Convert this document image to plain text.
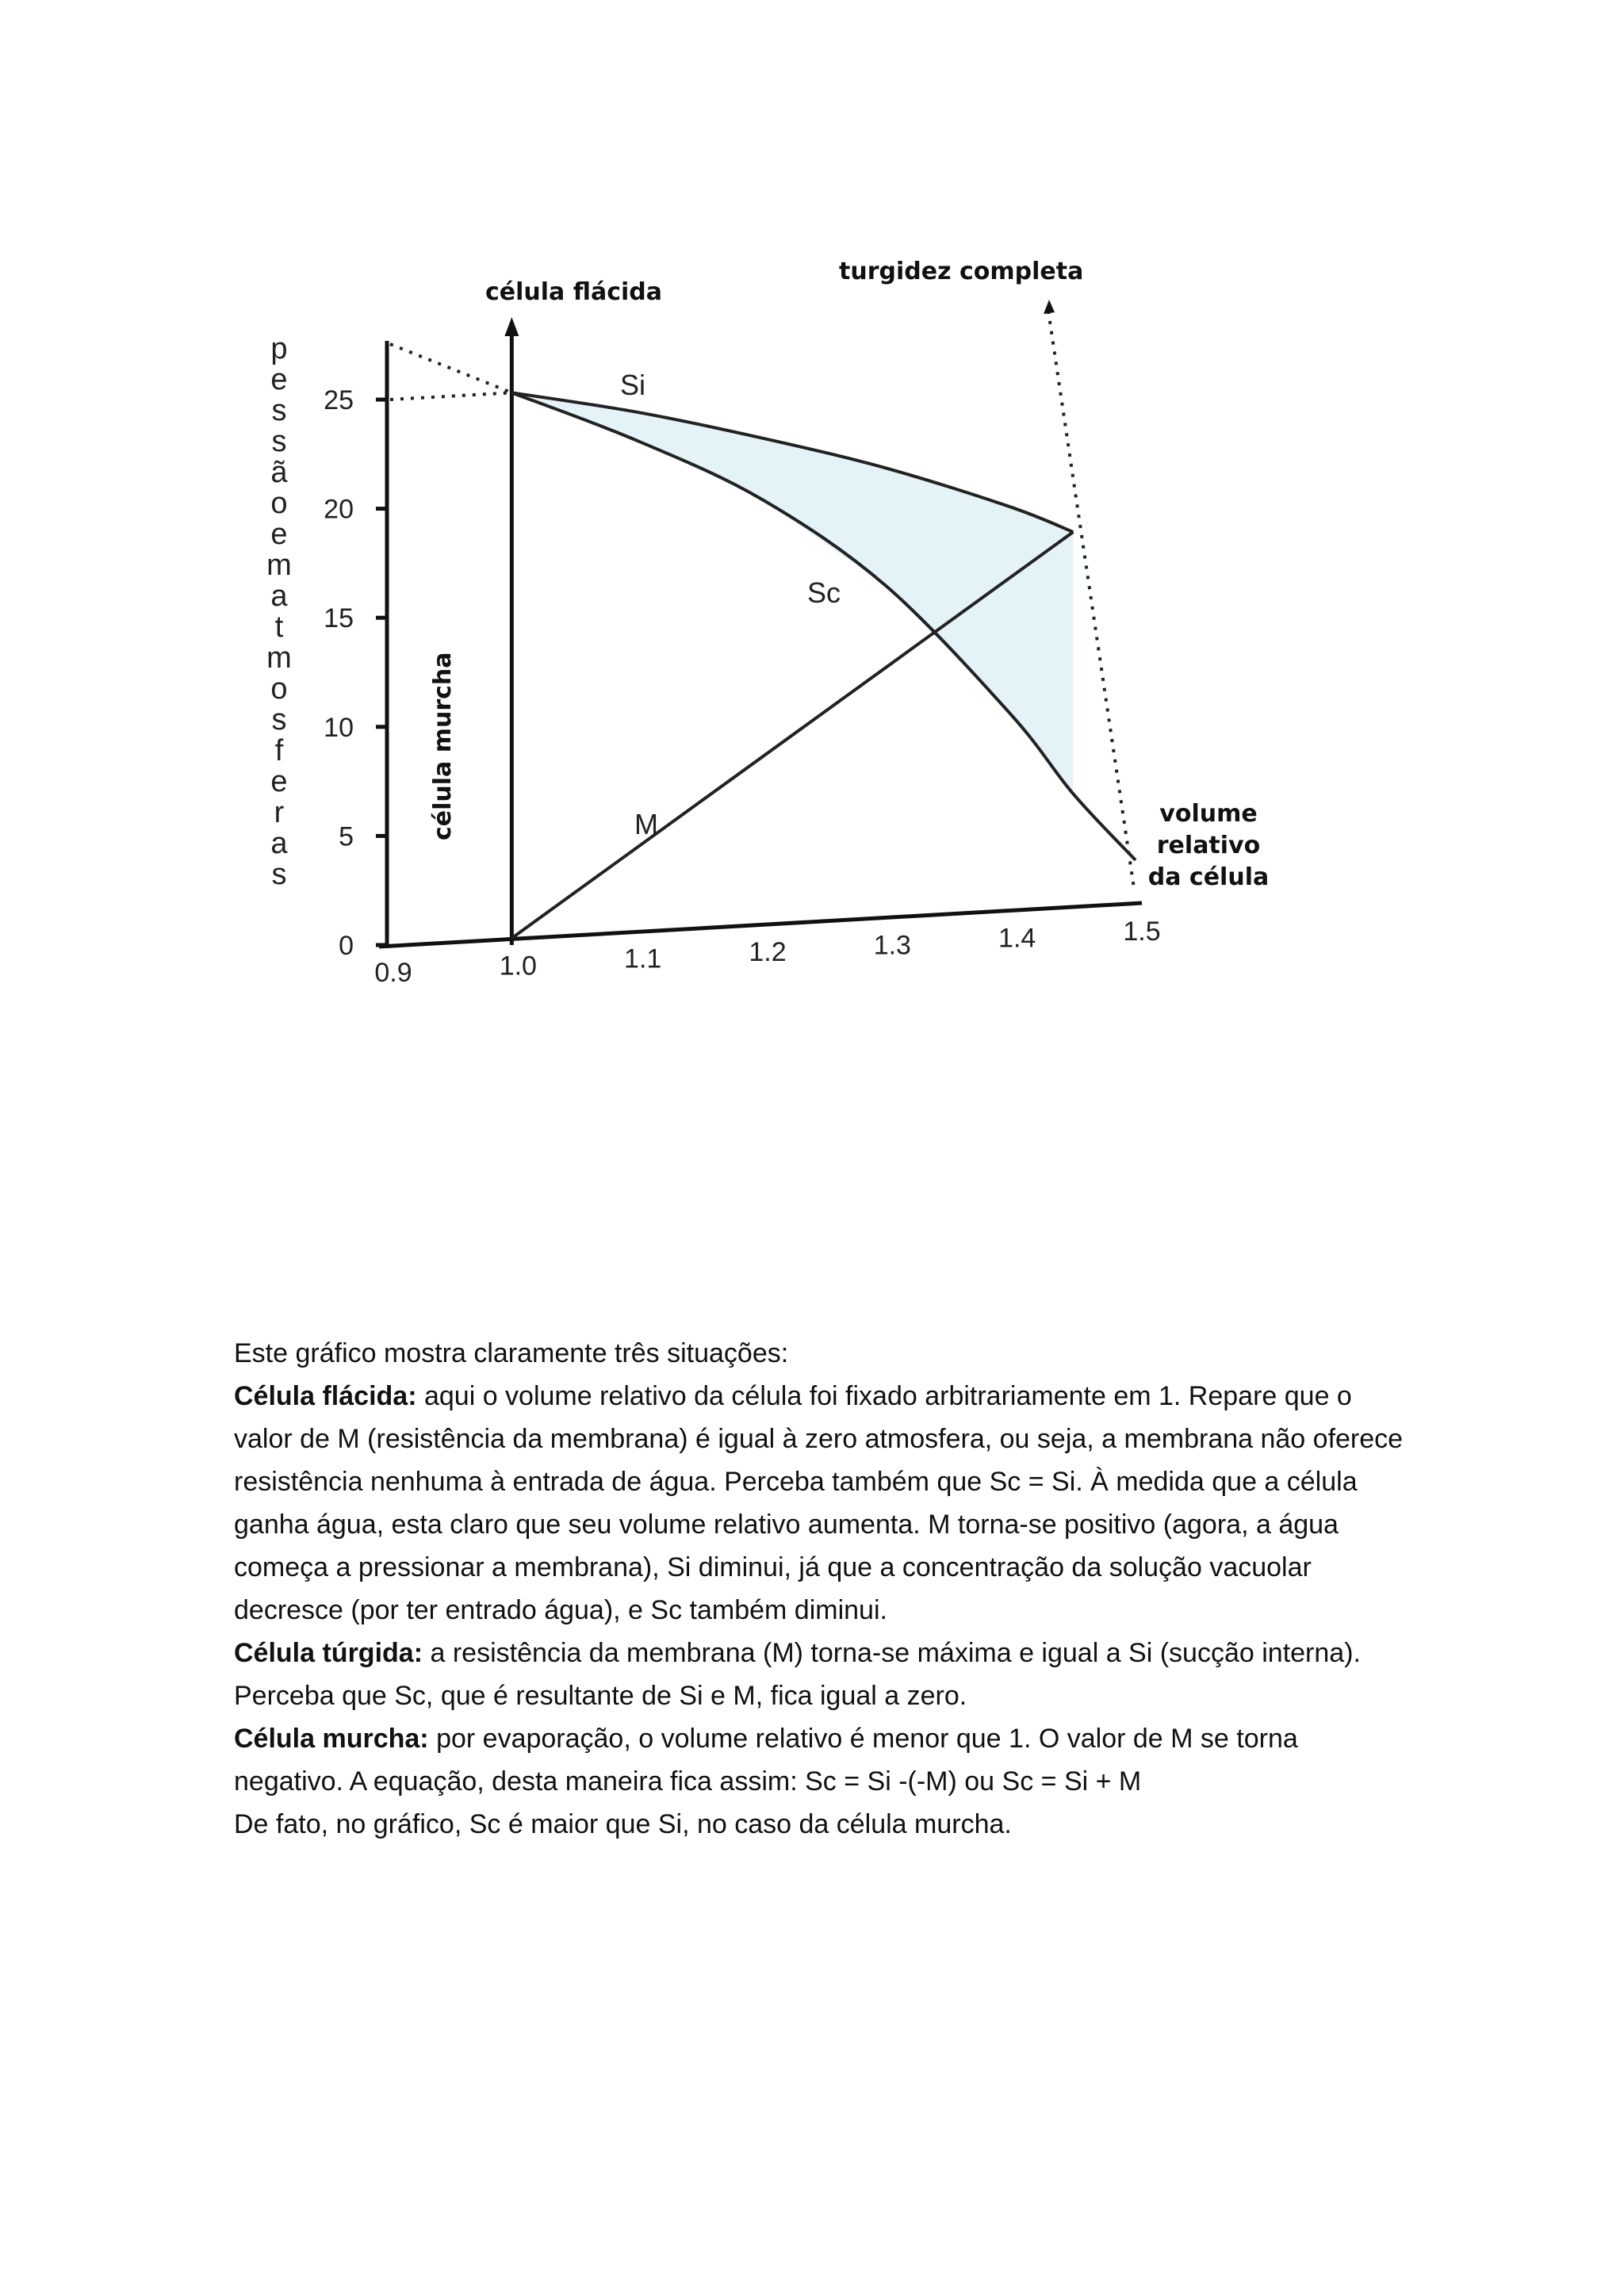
0
5
10
15
20
25
0.9	1.0	1.1	1.2	1.3	1.4	1.5
Si
Sc
M
célula flácida
turgidez completa
célula murcha	volume relativo da célula
p e s s ã o e m a t m o s f e r a s

Este gráfico mostra claramente três situações:

Célula flácida: aqui o volume relativo da célula foi fixado arbitrariamente em 1. Repare que o valor de M (resistência da membrana) é igual à zero atmosfera, ou seja, a membrana não oferece resistência nenhuma à entrada de água. Perceba também que Sc = Si. À medida que a célula ganha água, esta claro que seu volume relativo aumenta. M torna-se positivo (agora, a água começa a pressionar a membrana), Si diminui, já que a concentração da solução vacuolar decresce (por ter entrado água), e Sc também diminui.

Célula túrgida: a resistência da membrana (M) torna-se máxima e igual a Si (sucção interna). Perceba que Sc, que é resultante de Si e M, fica igual a zero.

Célula murcha: por evaporação, o volume relativo é menor que 1. O valor de M se torna negativo. A equação, desta maneira fica assim: Sc = Si -(-M) ou Sc = Si + M

De fato, no gráfico, Sc é maior que Si, no caso da célula murcha.
